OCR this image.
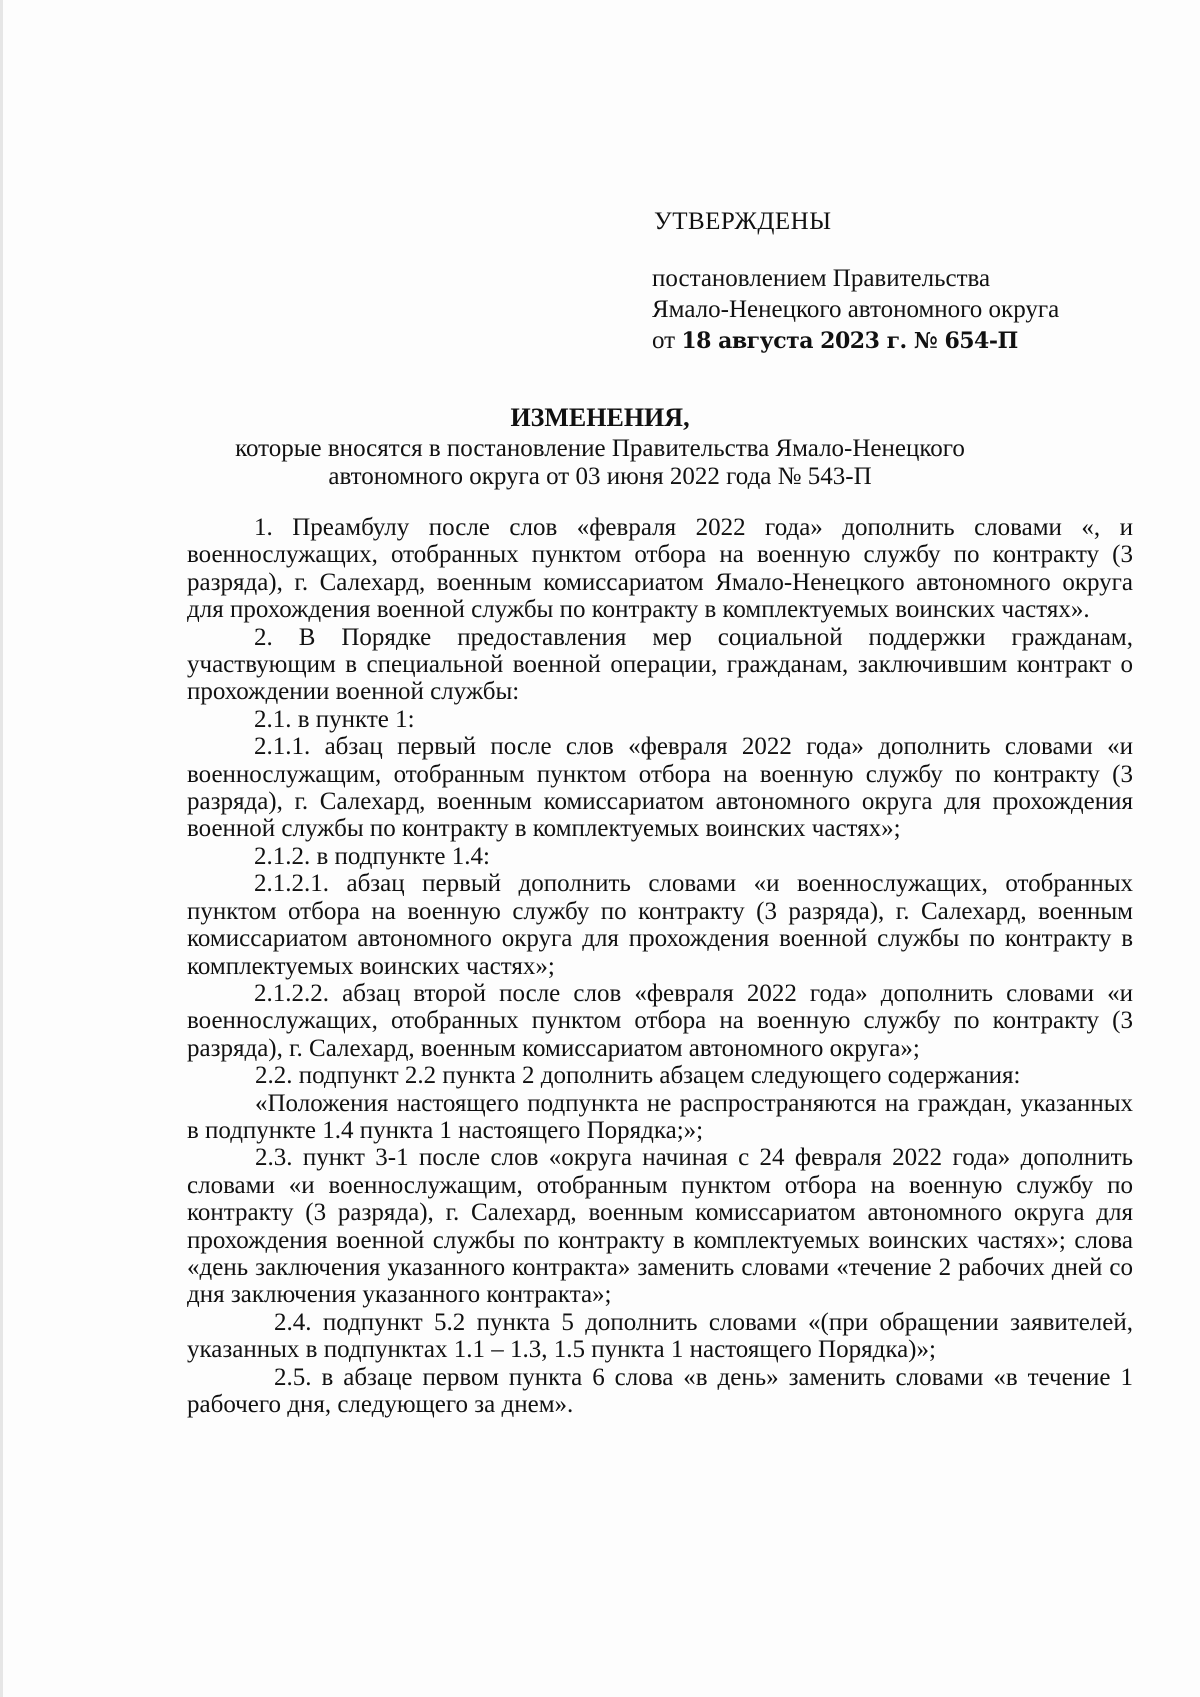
УТВЕРЖДЕНЫ
постановлением Правительства
Ямало-Ненецкого автономного округа
от 18 августа 2023 г. № 654-П
ИЗМЕНЕНИЯ,
которые вносятся в постановление Правительства Ямало-Ненецкого
автономного округа от 03 июня 2022 года № 543-П

1. Преамбулу после слов «февраля 2022 года» дополнить словами «, и военнослужащих, отобранных пунктом отбора на военную службу по контракту (3 разряда), г. Салехард, военным комиссариатом Ямало-Ненецкого автономного округа для прохождения военной службы по контракту в комплектуемых воинских частях».

2. В Порядке предоставления мер социальной поддержки гражданам, участвующим в специальной военной операции, гражданам, заключившим контракт о прохождении военной службы:

2.1. в пункте 1:

2.1.1. абзац первый после слов «февраля 2022 года» дополнить словами «и военнослужащим, отобранным пунктом отбора на военную службу по контракту (3 разряда), г. Салехард, военным комиссариатом автономного округа для прохождения военной службы по контракту в комплектуемых воинских частях»;

2.1.2. в подпункте 1.4:

2.1.2.1. абзац первый дополнить словами «и военнослужащих, отобранных пунктом отбора на военную службу по контракту (3 разряда), г. Салехард, военным комиссариатом автономного округа для прохождения военной службы по контракту в комплектуемых воинских частях»;

2.1.2.2. абзац второй после слов «февраля 2022 года» дополнить словами «и военнослужащих, отобранных пунктом отбора на военную службу по контракту (3 разряда), г. Салехард, военным комиссариатом автономного округа»;

2.2. подпункт 2.2 пункта 2 дополнить абзацем следующего содержания:

«Положения настоящего подпункта не распространяются на граждан, указанных в подпункте 1.4 пункта 1 настоящего Порядка;»;

2.3. пункт 3-1 после слов «округа начиная с 24 февраля 2022 года» дополнить словами «и военнослужащим, отобранным пунктом отбора на военную службу по контракту (3 разряда), г. Салехард, военным комиссариатом автономного округа для прохождения военной службы по контракту в комплектуемых воинских частях»; слова «день заключения указанного контракта» заменить словами «течение 2 рабочих дней со дня заключения указанного контракта»;

2.4. подпункт 5.2 пункта 5 дополнить словами «(при обращении заявителей, указанных в подпунктах 1.1 – 1.3, 1.5 пункта 1 настоящего Порядка)»;

2.5. в абзаце первом пункта 6 слова «в день» заменить словами «в течение 1 рабочего дня, следующего за днем».
